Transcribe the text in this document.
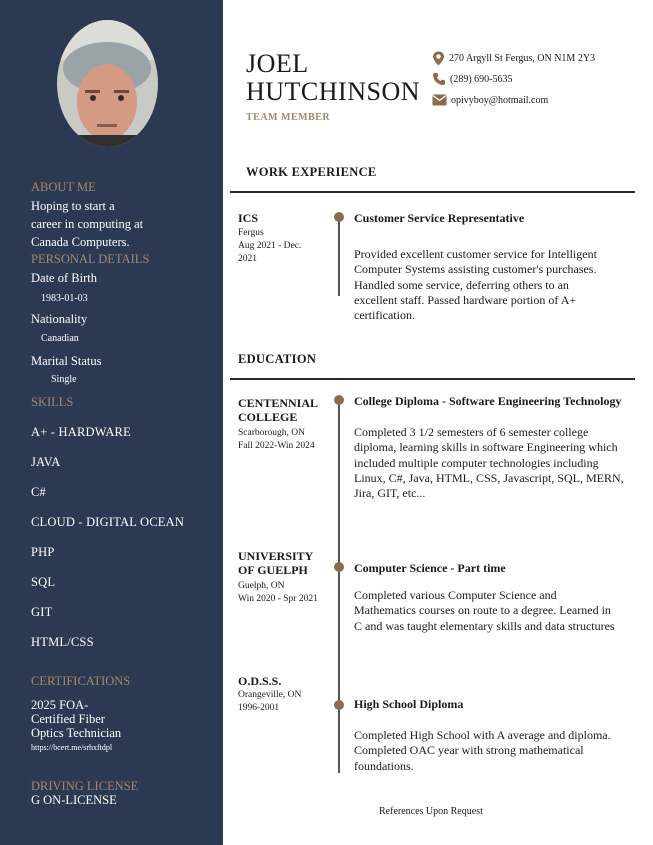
ABOUT ME
Hoping to start a
career in computing at
Canada Computers.
PERSONAL DETAILS
Date of Birth
1983-01-03
Nationality
Canadian
Marital Status
Single
SKILLS
A+ - HARDWARE
JAVA
C#
CLOUD - DIGITAL OCEAN
PHP
SQL
GIT
HTML/CSS
CERTIFICATIONS
2025 FOA-
Certified Fiber
Optics Technician
https://bcert.me/srhxftdpl
DRIVING LICENSE
G ON-LICENSE
JOEL
HUTCHINSON
TEAM MEMBER
270 Argyll St Fergus, ON N1M 2Y3
(289) 690-5635
opivyboy@hotmail.com
WORK EXPERIENCE
ICS
Fergus
Aug 2021 - Dec.
2021
Customer Service Representative
Provided excellent customer service for Intelligent
Computer Systems assisting customer's purchases.
Handled some service, deferring others to an
excellent staff. Passed hardware portion of A+
certification.
EDUCATION
CENTENNIAL
COLLEGE
Scarborough, ON
Fall 2022-Win 2024
College Diploma - Software Engineering Technology
Completed 3 1/2 semesters of 6 semester college
diploma, learning skills in software Engineering which
included multiple computer technologies including
Linux, C#, Java, HTML, CSS, Javascript, SQL, MERN,
Jira, GIT, etc...
UNIVERSITY
OF GUELPH
Guelph, ON
Win 2020 - Spr 2021
Computer Science - Part time
Completed various Computer Science and
Mathematics courses on route to a degree. Learned in
C and was taught elementary skills and data structures
O.D.S.S.
Orangeville, ON
1996-2001	High School Diploma
Completed High School with A average and diploma.
Completed OAC year with strong mathematical
foundations.
References Upon Request
